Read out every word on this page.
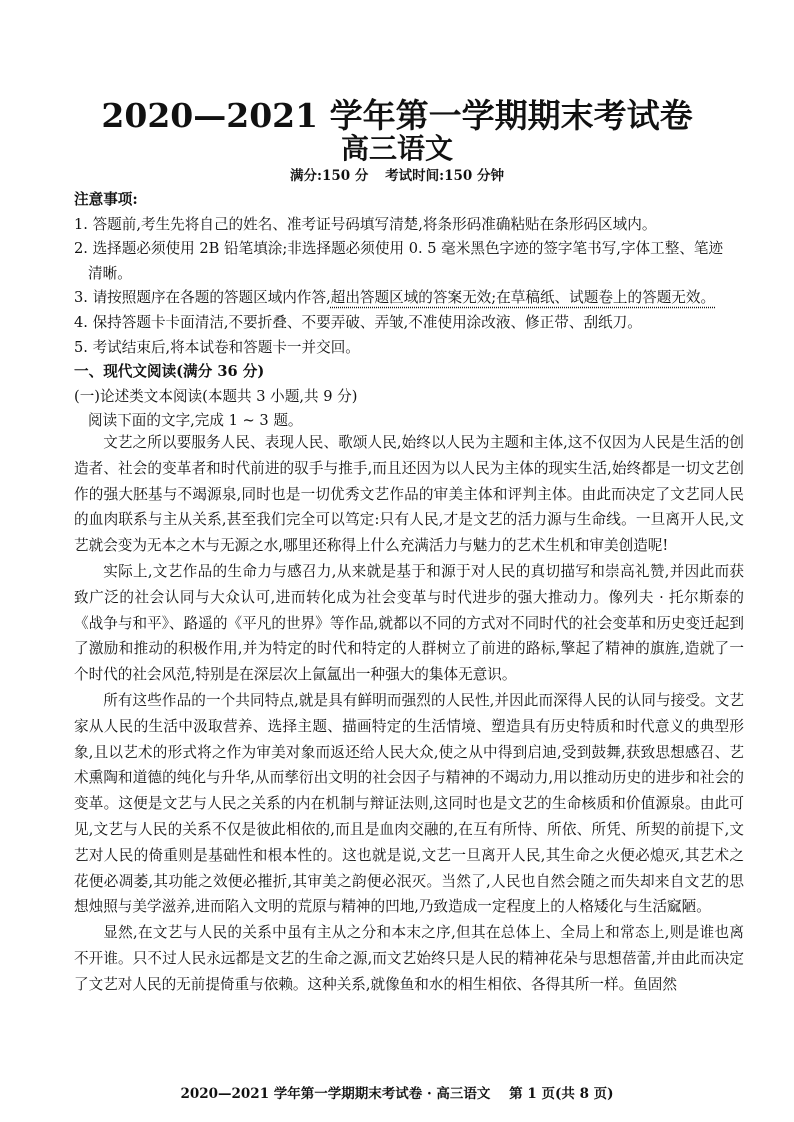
2020—2021 学年第一学期期末考试卷
高三语文
满分:150 分 考试时间:150 分钟

注意事项:

1. 答题前,考生先将自己的姓名、准考证号码填写清楚,将条形码准确粘贴在条形码区域内。

2. 选择题必须使用 2B 铅笔填涂;非选择题必须使用 0. 5 毫米黑色字迹的签字笔书写,字体工整、笔迹

清晰。

3. 请按照题序在各题的答题区域内作答,超出答题区域的答案无效;在草稿纸、试题卷上的答题无效。

4. 保持答题卡卡面清洁,不要折叠、不要弄破、弄皱,不准使用涂改液、修正带、刮纸刀。

5. 考试结束后,将本试卷和答题卡一并交回。

一、现代文阅读(满分 36 分)

(一)论述类文本阅读(本题共 3 小题,共 9 分)

阅读下面的文字,完成 1 ~ 3 题。

文艺之所以要服务人民、表现人民、歌颂人民,始终以人民为主题和主体,这不仅因为人民是生活的创造者、社会的变革者和时代前进的驭手与推手,而且还因为以人民为主体的现实生活,始终都是一切文艺创作的强大胚基与不竭源泉,同时也是一切优秀文艺作品的审美主体和评判主体。由此而决定了文艺同人民的血肉联系与主从关系,甚至我们完全可以笃定:只有人民,才是文艺的活力源与生命线。一旦离开人民,文艺就会变为无本之木与无源之水,哪里还称得上什么充满活力与魅力的艺术生机和审美创造呢!

实际上,文艺作品的生命力与感召力,从来就是基于和源于对人民的真切描写和崇高礼赞,并因此而获致广泛的社会认同与大众认可,进而转化成为社会变革与时代进步的强大推动力。像列夫 · 托尔斯泰的《战争与和平》、路遥的《平凡的世界》等作品,就都以不同的方式对不同时代的社会变革和历史变迁起到了激励和推动的积极作用,并为特定的时代和特定的人群树立了前进的路标,擎起了精神的旗旌,造就了一个时代的社会风范,特别是在深层次上氤氲出一种强大的集体无意识。

所有这些作品的一个共同特点,就是具有鲜明而强烈的人民性,并因此而深得人民的认同与接受。文艺家从人民的生活中汲取营养、选择主题、描画特定的生活情境、塑造具有历史特质和时代意义的典型形象,且以艺术的形式将之作为审美对象而返还给人民大众,使之从中得到启迪,受到鼓舞,获致思想感召、艺术熏陶和道德的纯化与升华,从而孳衍出文明的社会因子与精神的不竭动力,用以推动历史的进步和社会的变革。这便是文艺与人民之关系的内在机制与辩证法则,这同时也是文艺的生命核质和价值源泉。由此可见,文艺与人民的关系不仅是彼此相依的,而且是血肉交融的,在互有所恃、所依、所凭、所契的前提下,文艺对人民的倚重则是基础性和根本性的。这也就是说,文艺一旦离开人民,其生命之火便必熄灭,其艺术之花便必凋萎,其功能之效便必摧折,其审美之韵便必泯灭。当然了,人民也自然会随之而失却来自文艺的思想烛照与美学滋养,进而陷入文明的荒原与精神的凹地,乃致造成一定程度上的人格矮化与生活窳陋。

显然,在文艺与人民的关系中虽有主从之分和本末之序,但其在总体上、全局上和常态上,则是谁也离不开谁。只不过人民永远都是文艺的生命之源,而文艺始终只是人民的精神花朵与思想蓓蕾,并由此而决定了文艺对人民的无前提倚重与依赖。这种关系,就像鱼和水的相生相依、各得其所一样。鱼固然

2020—2021 学年第一学期期末考试卷 · 高三语文    第 1 页(共 8 页)
